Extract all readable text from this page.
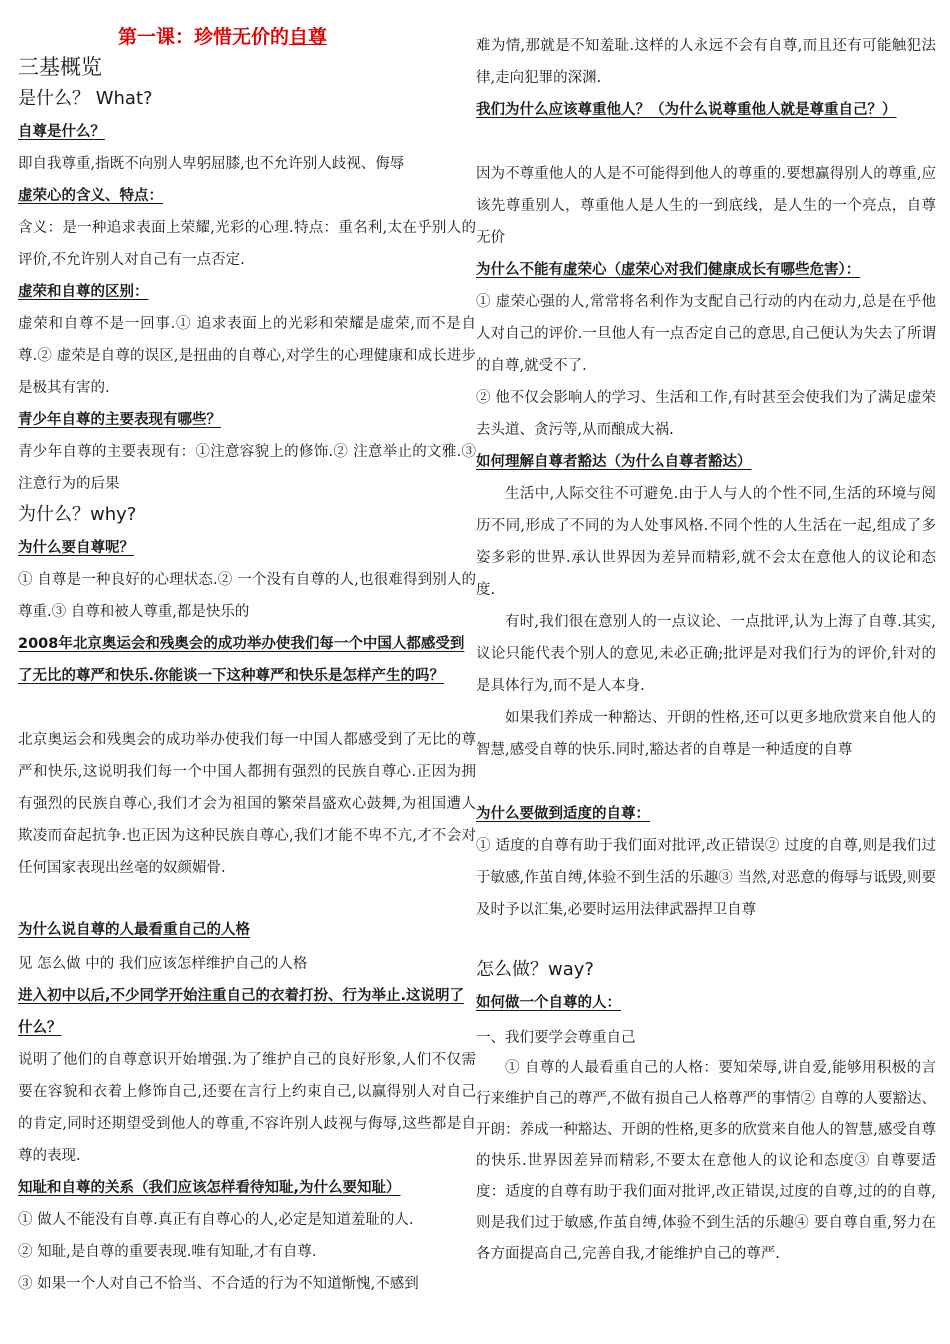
第一课：珍惜无价的自尊
三基概览
是什么？ What?
自尊是什么？
即自我尊重,指既不向别人卑躬屈膝,也不允许别人歧视、侮辱
虚荣心的含义、特点：
含义：是一种追求表面上荣耀,光彩的心理.特点：重名利,太在乎别人的评价,不允许别人对自己有一点否定.
虚荣和自尊的区别：
虚荣和自尊不是一回事.① 追求表面上的光彩和荣耀是虚荣,而不是自尊.② 虚荣是自尊的误区,是扭曲的自尊心,对学生的心理健康和成长进步是极其有害的.
青少年自尊的主要表现有哪些？
青少年自尊的主要表现有：①注意容貌上的修饰.② 注意举止的文雅.③ 注意行为的后果
为什么？why?
为什么要自尊呢？
① 自尊是一种良好的心理状态.② 一个没有自尊的人,也很难得到别人的尊重.③ 自尊和被人尊重,都是快乐的
2008年北京奥运会和残奥会的成功举办使我们每一个中国人都感受到了无比的尊严和快乐.你能谈一下这种尊严和快乐是怎样产生的吗？
北京奥运会和残奥会的成功举办使我们每一中国人都感受到了无比的尊严和快乐,这说明我们每一个中国人都拥有强烈的民族自尊心.正因为拥有强烈的民族自尊心,我们才会为祖国的繁荣昌盛欢心鼓舞,为祖国遭人欺凌而奋起抗争.也正因为这种民族自尊心,我们才能不卑不亢,才不会对任何国家表现出丝毫的奴颜媚骨.
为什么说自尊的人最看重自己的人格
见 怎么做 中的 我们应该怎样维护自己的人格
进入初中以后,不少同学开始注重自己的衣着打扮、行为举止.这说明了什么？
说明了他们的自尊意识开始增强.为了维护自己的良好形象,人们不仅需要在容貌和衣着上修饰自己,还要在言行上约束自己,以赢得别人对自己的肯定,同时还期望受到他人的尊重,不容许别人歧视与侮辱,这些都是自尊的表现.
知耻和自尊的关系（我们应该怎样看待知耻,为什么要知耻）
① 做人不能没有自尊.真正有自尊心的人,必定是知道羞耻的人.
② 知耻,是自尊的重要表现.唯有知耻,才有自尊.
③ 如果一个人对自己不恰当、不合适的行为不知道惭愧,不感到
难为情,那就是不知羞耻.这样的人永远不会有自尊,而且还有可能触犯法律,走向犯罪的深渊.
我们为什么应该尊重他人？（为什么说尊重他人就是尊重自己？）
因为不尊重他人的人是不可能得到他人的尊重的.要想赢得别人的尊重,应该先尊重别人，尊重他人是人生的一到底线，是人生的一个亮点，自尊无价
为什么不能有虚荣心（虚荣心对我们健康成长有哪些危害）：
① 虚荣心强的人,常常将名利作为支配自己行动的内在动力,总是在乎他人对自己的评价.一旦他人有一点否定自己的意思,自己便认为失去了所谓的自尊,就受不了.
② 他不仅会影响人的学习、生活和工作,有时甚至会使我们为了满足虚荣去头道、贪污等,从而酿成大祸.
如何理解自尊者豁达（为什么自尊者豁达）
生活中,人际交往不可避免.由于人与人的个性不同,生活的环境与阅历不同,形成了不同的为人处事风格.不同个性的人生活在一起,组成了多姿多彩的世界.承认世界因为差异而精彩,就不会太在意他人的议论和态度.
有时,我们很在意别人的一点议论、一点批评,认为上海了自尊.其实,议论只能代表个别人的意见,未必正确;批评是对我们行为的评价,针对的是具体行为,而不是人本身.
如果我们养成一种豁达、开朗的性格,还可以更多地欣赏来自他人的智慧,感受自尊的快乐.同时,豁达者的自尊是一种适度的自尊
为什么要做到适度的自尊：
① 适度的自尊有助于我们面对批评,改正错误② 过度的自尊,则是我们过于敏感,作茧自缚,体验不到生活的乐趣③ 当然,对恶意的侮辱与诋毁,则要及时予以汇集,必要时运用法律武器捍卫自尊
怎么做？way?
如何做一个自尊的人：
一、我们要学会尊重自己
① 自尊的人最看重自己的人格：要知荣辱,讲自爱,能够用积极的言行来维护自己的尊严,不做有损自己人格尊严的事情② 自尊的人要豁达、开朗：养成一种豁达、开朗的性格,更多的欣赏来自他人的智慧,感受自尊的快乐.世界因差异而精彩,不要太在意他人的议论和态度③ 自尊要适度：适度的自尊有助于我们面对批评,改正错误,过度的自尊,过的的自尊,则是我们过于敏感,作茧自缚,体验不到生活的乐趣④ 要自尊自重,努力在各方面提高自己,完善自我,才能维护自己的尊严.
